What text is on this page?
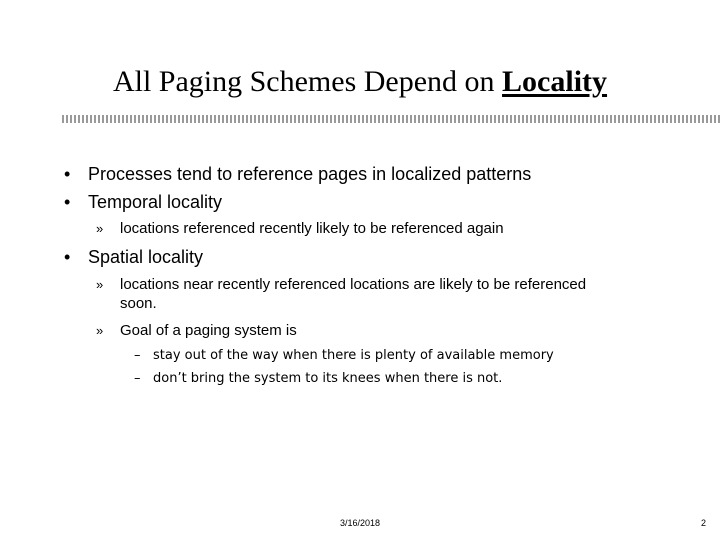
All Paging Schemes Depend on Locality
• Processes tend to reference pages in localized patterns
• Temporal locality
» locations referenced recently likely to be referenced again
• Spatial locality
» locations near recently referenced locations are likely to be referenced soon.
» Goal of a paging system is
– stay out of the way when there is plenty of available memory
– don’t bring the system to its knees when there is not.
3/16/2018	2
